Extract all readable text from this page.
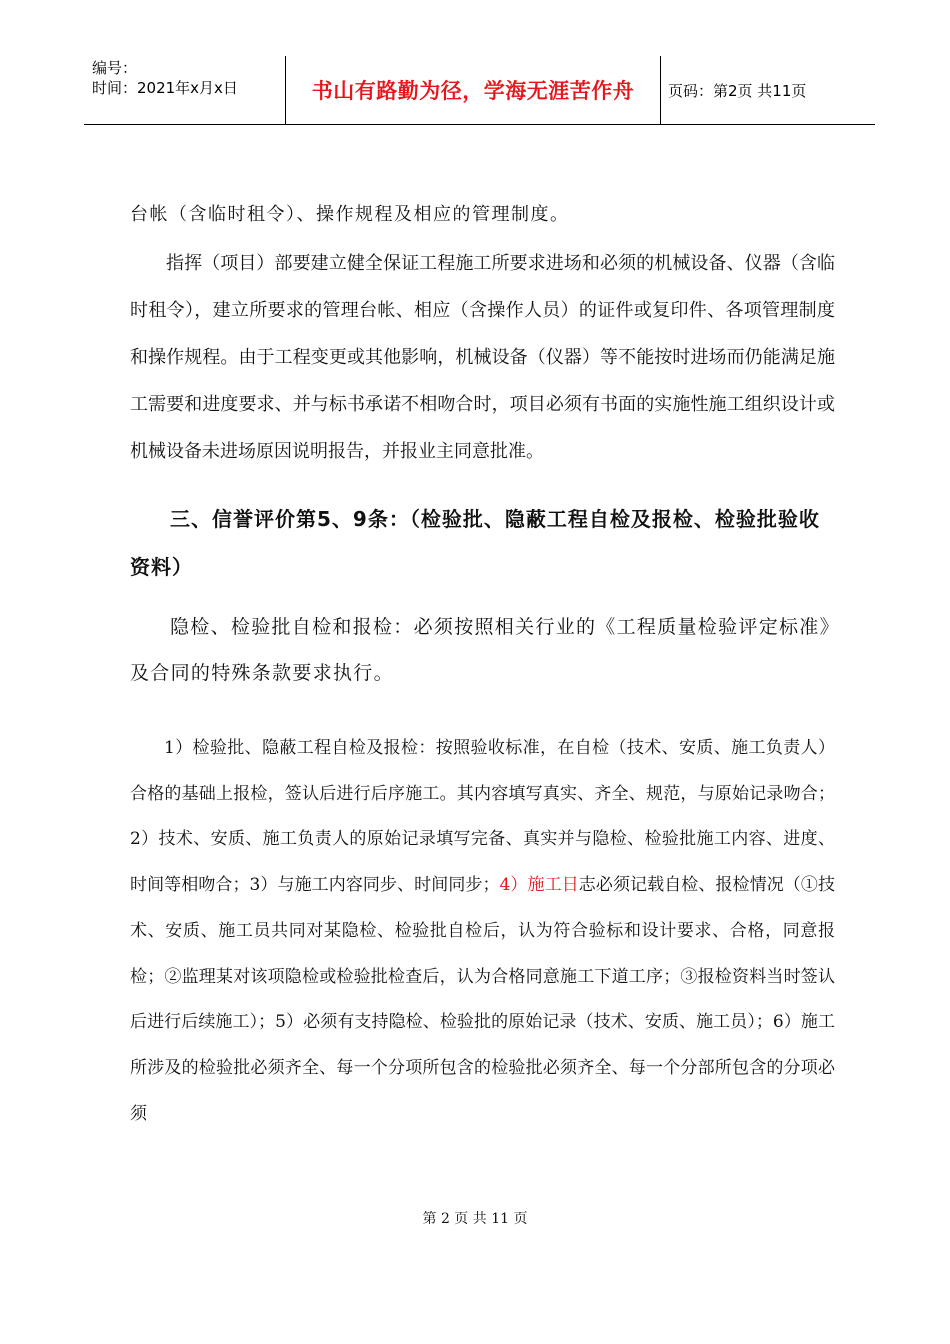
编号：
时间：2021年x月x日	书山有路勤为径，学海无涯苦作舟	页码：第2页 共11页

台帐（含临时租令）、操作规程及相应的管理制度。

指挥（项目）部要建立健全保证工程施工所要求进场和必须的机械设备、仪器（含临时租令），建立所要求的管理台帐、相应（含操作人员）的证件或复印件、各项管理制度和操作规程。由于工程变更或其他影响，机械设备（仪器）等不能按时进场而仍能满足施工需要和进度要求、并与标书承诺不相吻合时，项目必须有书面的实施性施工组织设计或机械设备未进场原因说明报告，并报业主同意批准。

三、信誉评价第5、9条：（检验批、隐蔽工程自检及报检、检验批验收资料）

隐检、检验批自检和报检：必须按照相关行业的《工程质量检验评定标准》及合同的特殊条款要求执行。

1）检验批、隐蔽工程自检及报检：按照验收标准，在自检（技术、安质、施工负责人）合格的基础上报检，签认后进行后序施工。其内容填写真实、齐全、规范，与原始记录吻合；2）技术、安质、施工负责人的原始记录填写完备、真实并与隐检、检验批施工内容、进度、时间等相吻合；3）与施工内容同步、时间同步；4）施工日志必须记载自检、报检情况（①技术、安质、施工员共同对某隐检、检验批自检后，认为符合验标和设计要求、合格，同意报检；②监理某对该项隐检或检验批检查后，认为合格同意施工下道工序；③报检资料当时签认后进行后续施工）；5）必须有支持隐检、检验批的原始记录（技术、安质、施工员）；6）施工所涉及的检验批必须齐全、每一个分项所包含的检验批必须齐全、每一个分部所包含的分项必须

第 2 页 共 11 页
